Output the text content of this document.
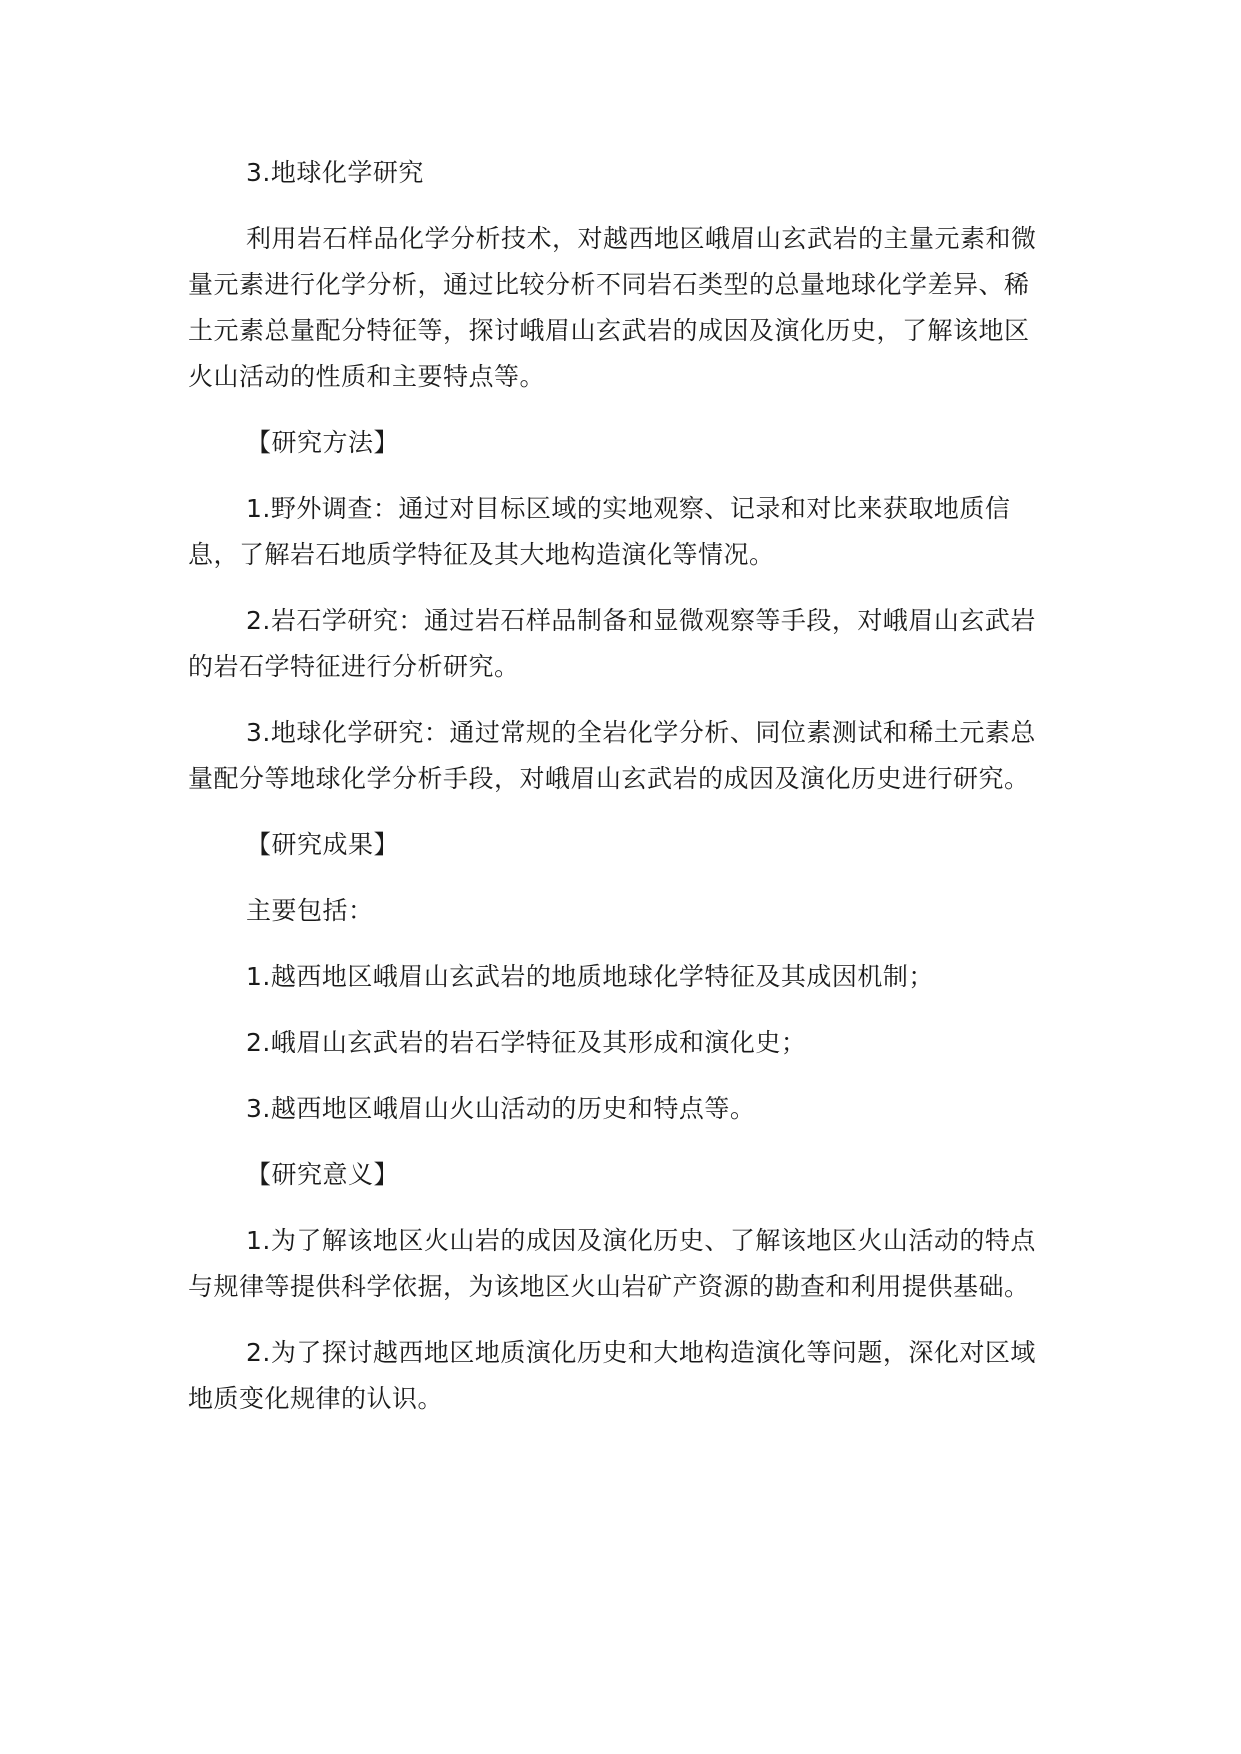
3.地球化学研究

利用岩石样品化学分析技术，对越西地区峨眉山玄武岩的主量元素和微量元素进行化学分析，通过比较分析不同岩石类型的总量地球化学差异、稀土元素总量配分特征等，探讨峨眉山玄武岩的成因及演化历史，了解该地区火山活动的性质和主要特点等。

【研究方法】

1.野外调查：通过对目标区域的实地观察、记录和对比来获取地质信息，了解岩石地质学特征及其大地构造演化等情况。

2.岩石学研究：通过岩石样品制备和显微观察等手段，对峨眉山玄武岩的岩石学特征进行分析研究。

3.地球化学研究：通过常规的全岩化学分析、同位素测试和稀土元素总量配分等地球化学分析手段，对峨眉山玄武岩的成因及演化历史进行研究。

【研究成果】

主要包括：

1.越西地区峨眉山玄武岩的地质地球化学特征及其成因机制；

2.峨眉山玄武岩的岩石学特征及其形成和演化史；

3.越西地区峨眉山火山活动的历史和特点等。

【研究意义】

1.为了解该地区火山岩的成因及演化历史、了解该地区火山活动的特点与规律等提供科学依据，为该地区火山岩矿产资源的勘查和利用提供基础。

2.为了探讨越西地区地质演化历史和大地构造演化等问题，深化对区域地质变化规律的认识。
